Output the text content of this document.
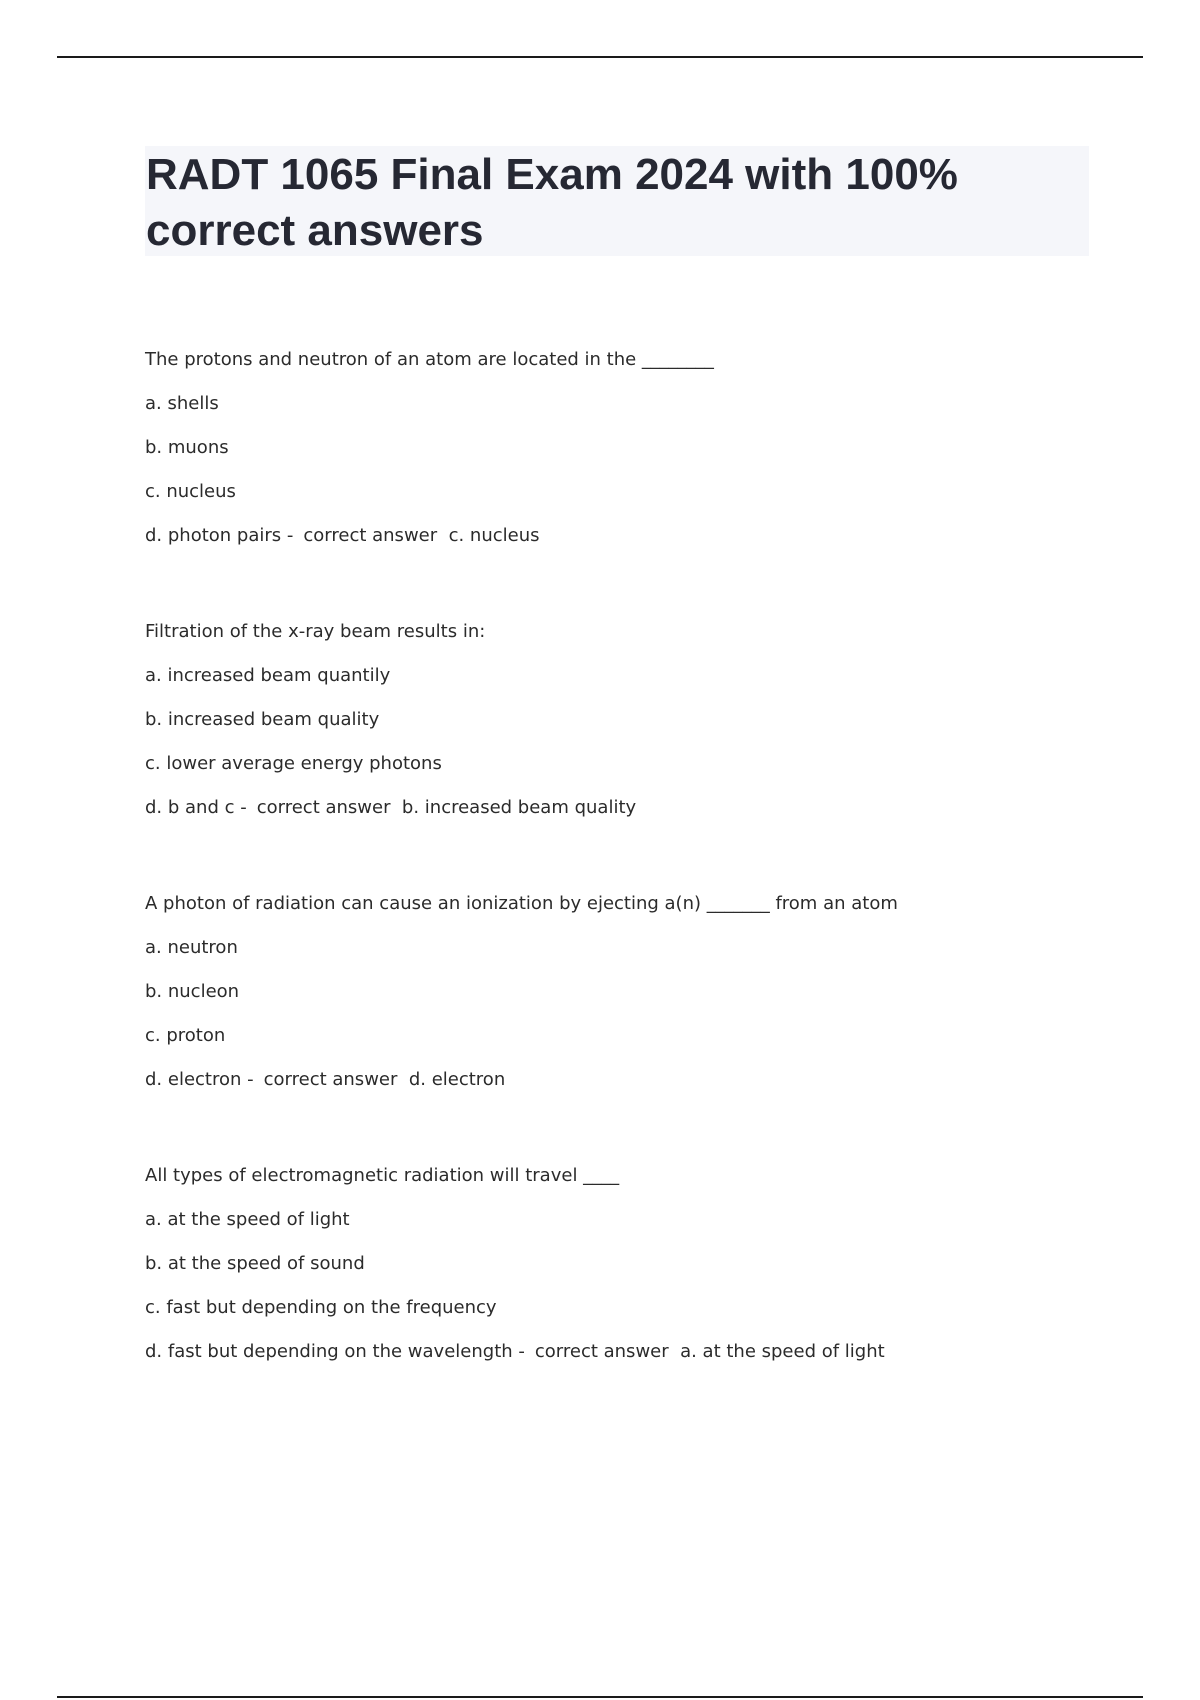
RADT 1065 Final Exam 2024 with 100% correct answers

The protons and neutron of an atom are located in the ________

a. shells

b. muons

c. nucleus

d. photon pairs - correct answer  c. nucleus

Filtration of the x-ray beam results in:

a. increased beam quantily

b. increased beam quality

c. lower average energy photons

d. b and c - correct answer  b. increased beam quality

A photon of radiation can cause an ionization by ejecting a(n) _______ from an atom

a. neutron

b. nucleon

c. proton

d. electron - correct answer  d. electron

All types of electromagnetic radiation will travel ____

a. at the speed of light

b. at the speed of sound

c. fast but depending on the frequency

d. fast but depending on the wavelength - correct answer  a. at the speed of light
